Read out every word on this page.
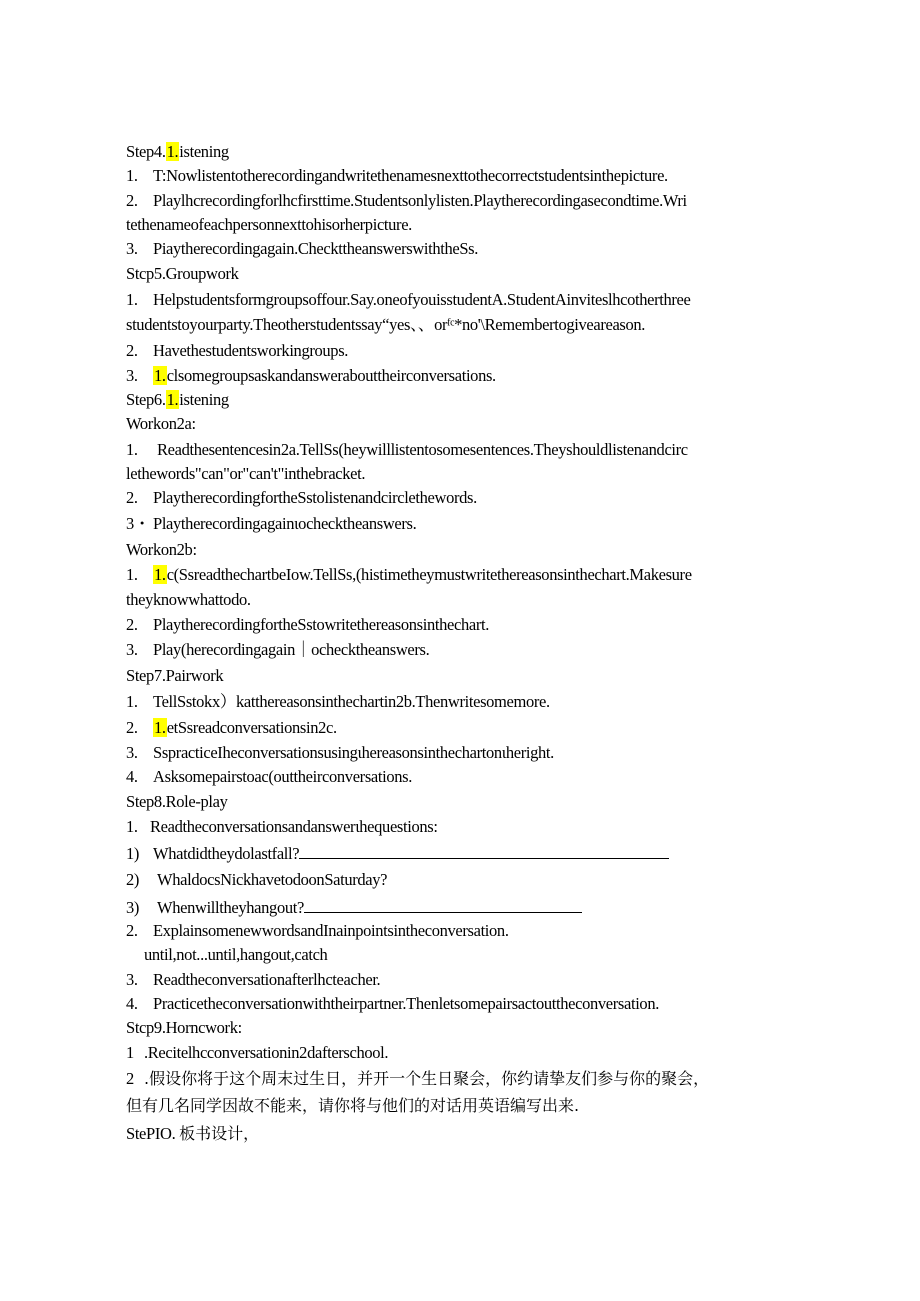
Step4.1.istening
1. T:Nowlistentotherecordingandwritethenamesnexttothecorrectstudentsinthepicture.
2. Playlhcrecordingforlhcfirsttime.Studentsonlylisten.Playtherecordingasecondtime.Wri
tethenameofeachpersonnexttohisorherpicture.
3. Piaytherecordingagain.CheckttheanswerswiththeSs.
Stcp5.Groupwork
1. Helpstudentsformgroupsoffour.Say.oneofyouisstudentA.StudentAinviteslhcotherthree
studentstoyourparty.Theotherstudentssay“yes、、orᶠᶜ*no'\Remembertogiveareason.
2. Havethestudentsworkingroups.
3. 1.clsomegroupsaskandanswerabouttheirconversations.
Step6.1.istening
Workon2a:
1. Readthesentencesin2a.TellSs(heywilllistentosomesentences.Theyshouldlistenandcirc
lethewords"can"or"can't"inthebracket.
2. PlaytherecordingfortheSstolistenandcirclethewords.
3・ Playtherecordingagainιochecktheanswers.
Workon2b:
1. 1.c(SsreadthechartbeIow.TellSs,(histimetheymustwritethereasonsinthechart.Makesure
theyknowwhattodo.
2. PlaytherecordingfortheSstowritethereasonsinthechart.
3. Play(herecordingagain｜ochecktheanswers.
Step7.Pairwork
1. TellSstokx）katthereasonsinthechartin2b.Thenwritesomemore.
2. 1.etSsreadconversationsin2c.
3. SspracticeIheconversationsusingιhereasonsinthechartonιheright.
4. Asksomepairstoac(outtheirconversations.
Step8.Role-play
1. Readtheconversationsandanswerιhequestions:
1) Whatdidtheydolastfall?
2) WhaldocsNickhavetodoonSaturday?
3) Whenwilltheyhangout?
2. ExplainsomenewwordsandInainpointsintheconversation.
until,not...until,hangout,catch
3. Readtheconversationafterlhcteacher.
4. Practicetheconversationwiththeirpartner.Thenletsomepairsactouttheconversation.
Stcp9.Horncwork:
1 .Recitelhcconversationin2dafterschool.
2 .假设你将于这个周末过生日，并开一个生日聚会，你约请挚友们参与你的聚会，
但有几名同学因故不能来，请你将与他们的对话用英语编写出来.
StePIO. 板书设计，
